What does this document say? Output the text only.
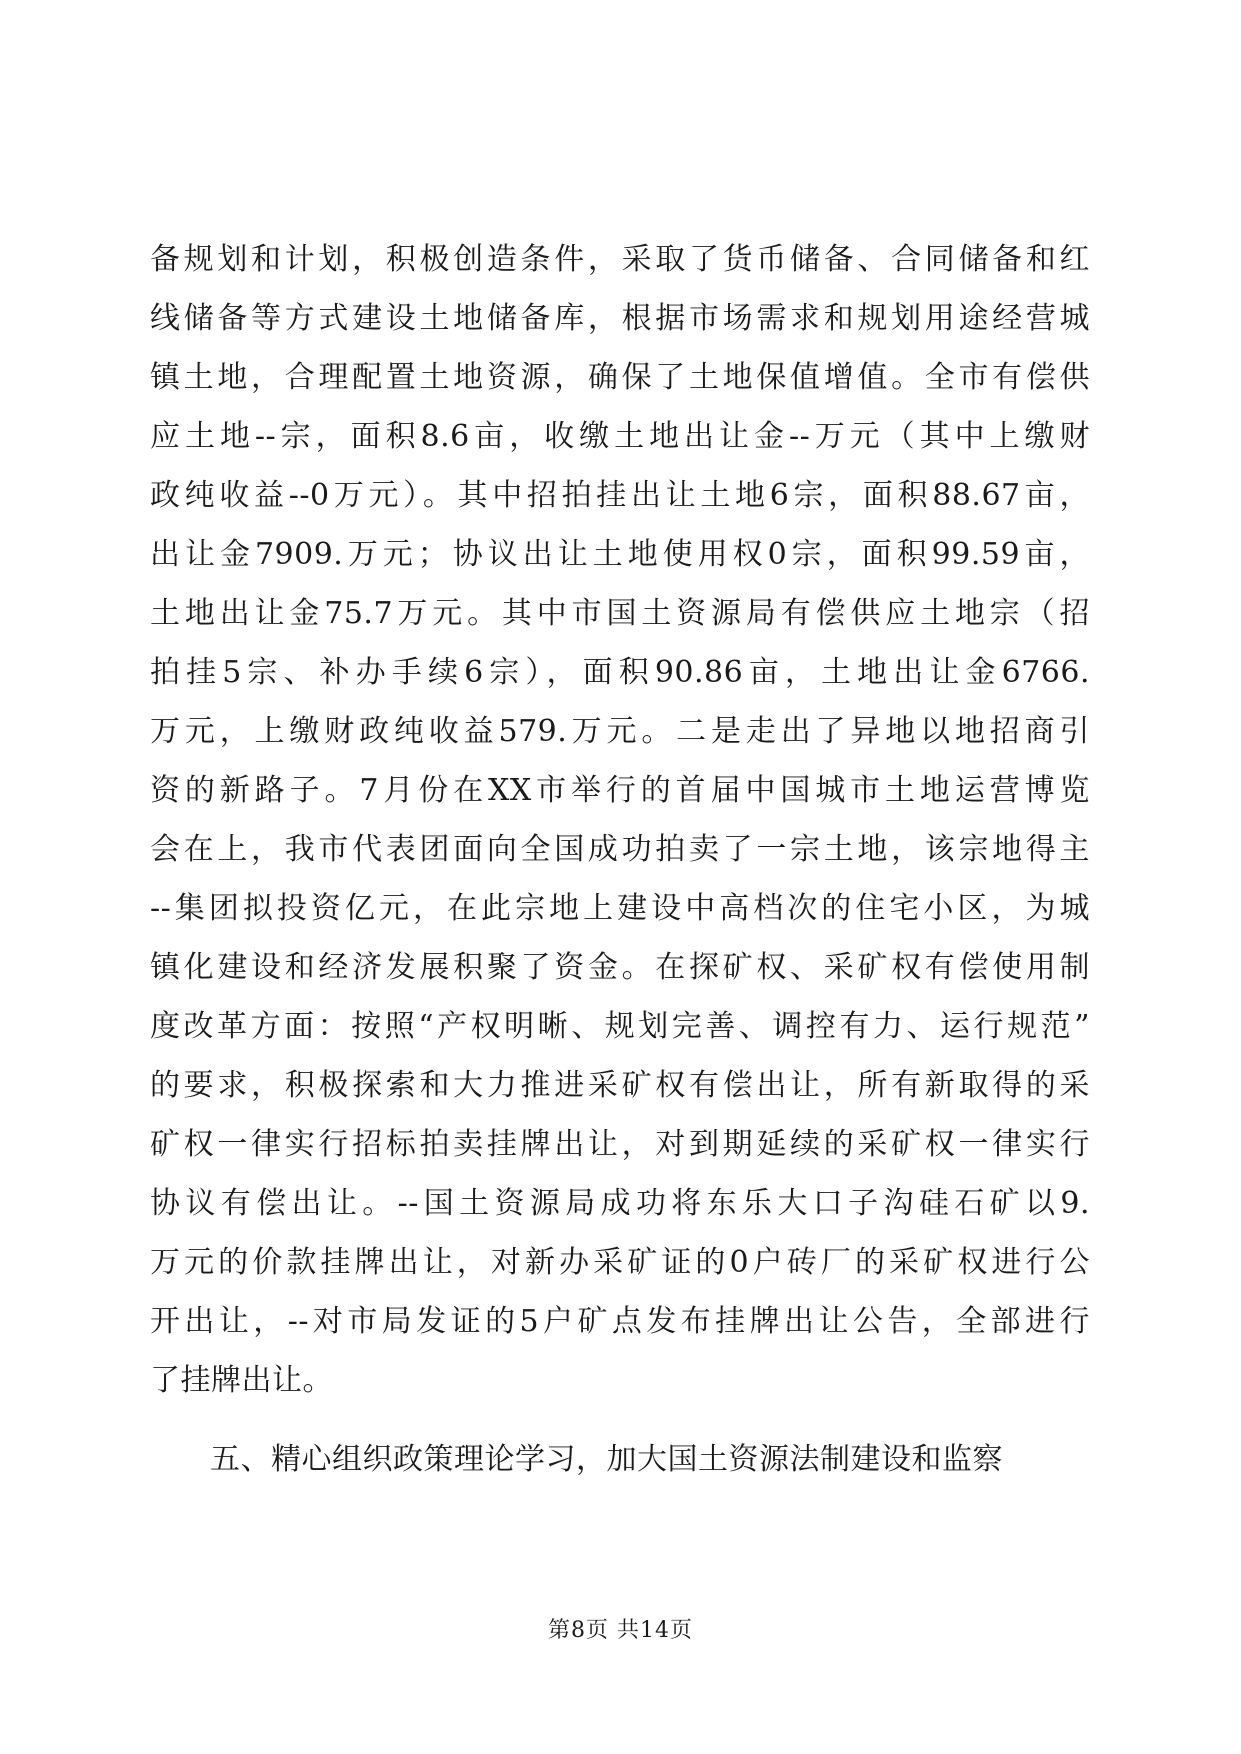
备规划和计划，积极创造条件，采取了货币储备、合同储备和红
线储备等方式建设土地储备库，根据市场需求和规划用途经营城
镇土地，合理配置土地资源，确保了土地保值增值。全市有偿供
应土地--宗，面积8.6亩，收缴土地出让金--万元（其中上缴财
政纯收益--0万元）。其中招拍挂出让土地6宗，面积88.67亩，
出让金7909.万元；协议出让土地使用权0宗，面积99.59亩，
土地出让金75.7万元。其中市国土资源局有偿供应土地宗（招
拍挂5宗、补办手续6宗），面积90.86亩，土地出让金6766.
万元，上缴财政纯收益579.万元。二是走出了异地以地招商引
资的新路子。7月份在XX市举行的首届中国城市土地运营博览
会在上，我市代表团面向全国成功拍卖了一宗土地，该宗地得主
--集团拟投资亿元，在此宗地上建设中高档次的住宅小区，为城
镇化建设和经济发展积聚了资金。在探矿权、采矿权有偿使用制
度改革方面：按照“产权明晰、规划完善、调控有力、运行规范”
的要求，积极探索和大力推进采矿权有偿出让，所有新取得的采
矿权一律实行招标拍卖挂牌出让，对到期延续的采矿权一律实行
协议有偿出让。--国土资源局成功将东乐大口子沟硅石矿以9.
万元的价款挂牌出让，对新办采矿证的0户砖厂的采矿权进行公
开出让，--对市局发证的5户矿点发布挂牌出让公告，全部进行
了挂牌出让。
五、精心组织政策理论学习，加大国土资源法制建设和监察
第8页 共14页
